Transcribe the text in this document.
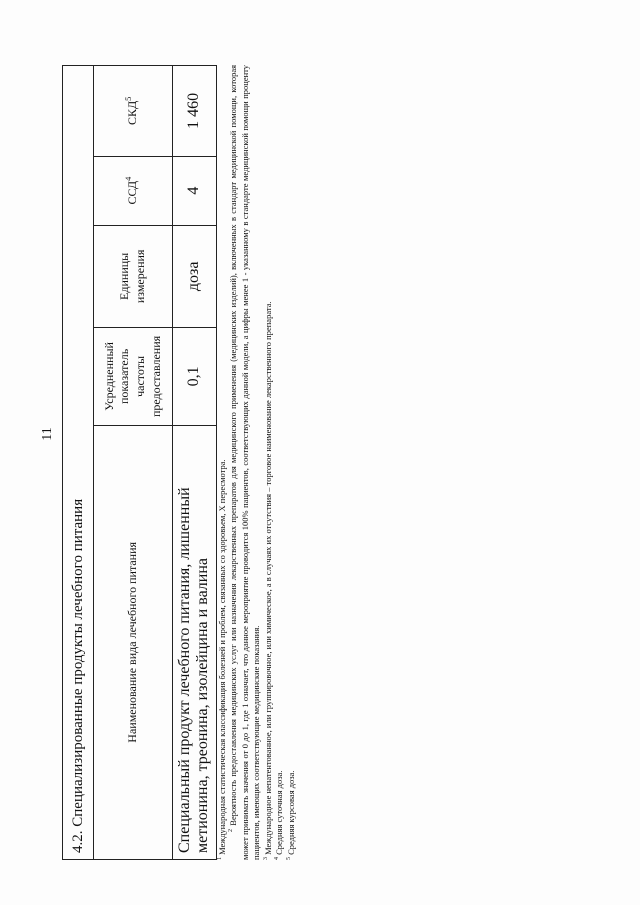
11
4.2. Специализированные продукты лечебного питания				
Наименование вида лечебного питания	Усредненный показатель частоты предоставления	Единицы измерения	ССД$^4$	СКД$^5$
Специальный продукт лечебного питания, лишенный метионина, треонина, изолейцина и валина	0,1	доза	4	1 460

$^1$ Международная статистическая классификация болезней и проблем, связанных со здоровьем, X пересмотра. $^2$ Вероятность предоставления медицинских услуг или назначения лекарственных препаратов для медицинского применения (медицинских изделий), включенных в стандарт медицинской помощи, которая может принимать значения от 0 до 1, где 1 означает, что данное мероприятие проводится 100% пациентов, соответствующих данной модели, а цифры менее 1 - указанному в стандарте медицинской помощи проценту пациентов, имеющих соответствующие медицинские показания. $^3$ Международное непатентованное, или группировочное, или химическое, а в случаях их отсутствия – торговое наименование лекарственного препарата.

$^4$ Средняя суточная доза.

$^5$ Средняя курсовая доза.
